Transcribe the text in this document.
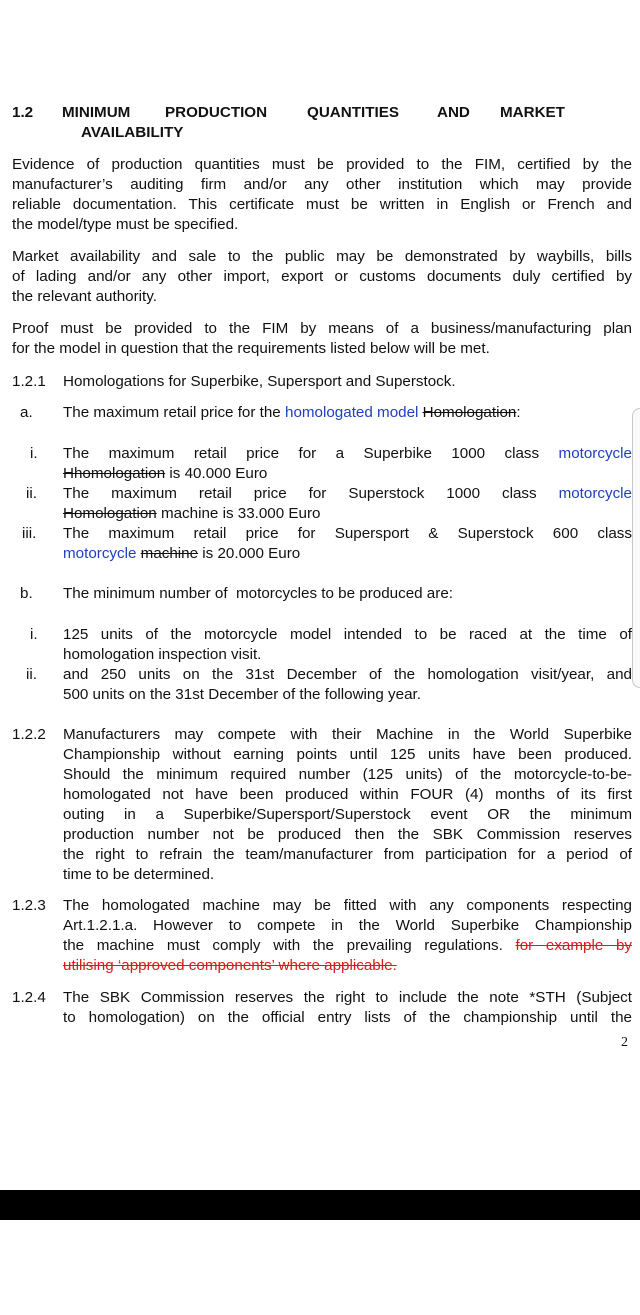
1.2 MINIMUM PRODUCTION	QUANTITIES	AND MARKET
AVAILABILITY
Evidence of production quantities must be provided to the FIM, certified by the
manufacturer’s auditing firm and/or any other institution which may provide
reliable documentation. This certificate must be written in English or French and
the model/type must be specified.
Market availability and sale to the public may be demonstrated by waybills, bills
of lading and/or any other import, export or customs documents duly certified by
the relevant authority.
Proof must be provided to the FIM by means of a business/manufacturing plan
for the model in question that the requirements listed below will be met.
1.2.1 Homologations for Superbike, Supersport and Superstock.
a. The maximum retail price for the homologated model Homologation:
i. The maximum retail price for a Superbike 1000 class motorcycle
Hhomologation is 40.000 Euro
ii. The maximum retail price for Superstock 1000 class motorcycle
Homologation machine is 33.000 Euro
iii. The maximum retail price for Supersport & Superstock 600 class
motorcycle machine is 20.000 Euro
b. The minimum number of  motorcycles to be produced are:
i. 125 units of the motorcycle model intended to be raced at the time of
homologation inspection visit.
ii. and 250 units on the 31st December of the homologation visit/year, and
500 units on the 31st December of the following year.
1.2.2 Manufacturers may compete with their Machine in the World Superbike
Championship without earning points until 125 units have been produced.
Should the minimum required number (125 units) of the motorcycle-to-be-
homologated not have been produced within FOUR (4) months of its first
outing in a Superbike/Supersport/Superstock event OR the minimum
production number not be produced then the SBK Commission reserves
the right to refrain the team/manufacturer from participation for a period of
time to be determined.
1.2.3 The homologated machine may be fitted with any components respecting
Art.1.2.1.a. However to compete in the World Superbike Championship
the machine must comply with the prevailing regulations. for example by
utilising ‘approved components’ where applicable.
1.2.4 The SBK Commission reserves the right to include the note *STH (Subject
to homologation) on the official entry lists of the championship until the
2
